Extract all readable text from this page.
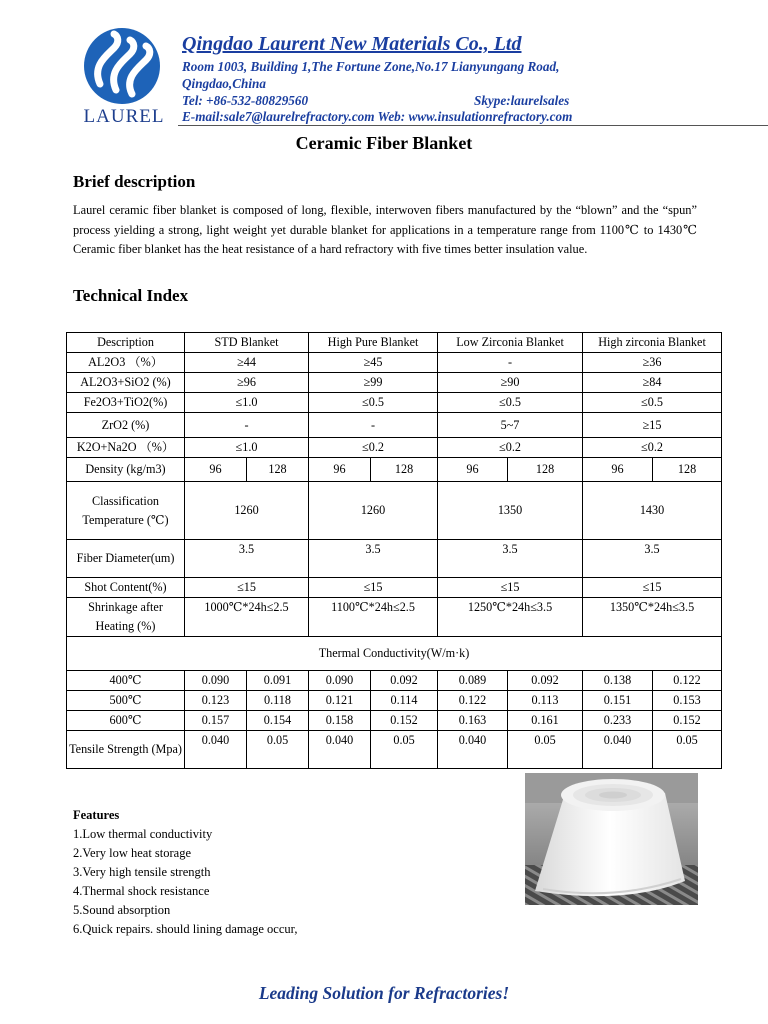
LAUREL
Qingdao Laurent New Materials Co., Ltd
Room 1003, Building 1,The Fortune Zone,No.17 Lianyungang Road,
Qingdao,China
Tel: +86-532-80829560	Skype:laurelsales
E-mail:sale7@laurelrefractory.com Web: www.insulationrefractory.com
Ceramic Fiber Blanket
Brief description
Laurel ceramic fiber blanket is composed of long, flexible, interwoven fibers manufactured by the “blown” and the “spun” process yielding a strong, light weight yet durable blanket for applications in a temperature range from 1100℃ to 1430℃ Ceramic fiber blanket has the heat resistance of a hard refractory with five times better insulation value.
Technical Index
Description	STD Blanket		High Pure Blanket		Low Zirconia Blanket		High zirconia Blanket	
AL2O3 （%）	≥44		≥45		-		≥36	
AL2O3+SiO2 (%)	≥96		≥99		≥90		≥84	
Fe2O3+TiO2(%)	≤1.0		≤0.5		≤0.5		≤0.5	
ZrO2 (%)	-		-		5~7		≥15	
K2O+Na2O （%）	≤1.0		≤0.2		≤0.2		≤0.2	
Density (kg/m3)	96	128	96	128	96	128	96	128
Classification Temperature (℃)	1260		1260		1350		1430	
Fiber Diameter(um)	3.5		3.5		3.5		3.5	
Shot Content(%)	≤15		≤15		≤15		≤15	
Shrinkage after Heating (%)	1000℃*24h≤2.5		1100℃*24h≤2.5		1250℃*24h≤3.5		1350℃*24h≤3.5	
Thermal Conductivity(W/m·k)								
400℃	0.090	0.091	0.090	0.092	0.089	0.092	0.138	0.122
500℃	0.123	0.118	0.121	0.114	0.122	0.113	0.151	0.153
600℃	0.157	0.154	0.158	0.152	0.163	0.161	0.233	0.152
Tensile Strength (Mpa)	0.040	0.05	0.040	0.05	0.040	0.05	0.040	0.05
Features
1.Low thermal conductivity
2.Very low heat storage
3.Very high tensile strength
4.Thermal shock resistance
5.Sound absorption
6.Quick repairs. should lining damage occur,
Leading Solution for Refractories!
